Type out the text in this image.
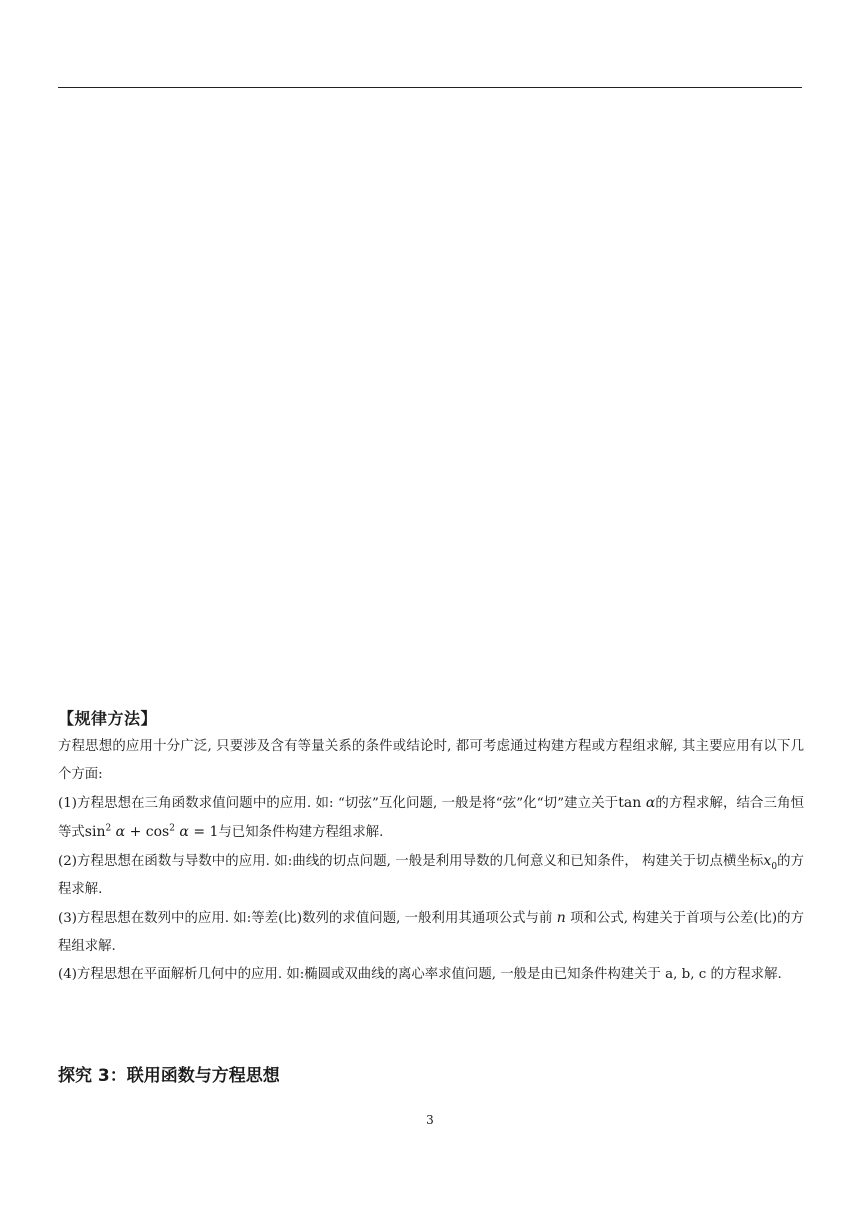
【规律方法】

方程思想的应用十分广泛, 只要涉及含有等量关系的条件或结论时, 都可考虑通过构建方程或方程组求解, 其主要应用有以下几个方面:

(1)方程思想在三角函数求值问题中的应用. 如: “切弦”互化问题, 一般是将“弦”化“切”建立关于tan α的方程求解，结合三角恒等式$\sin^2 \alpha + \cos^2 \alpha = 1$与已知条件构建方程组求解.

(2)方程思想在函数与导数中的应用. 如:曲线的切点问题, 一般是利用导数的几何意义和已知条件， 构建关于切点横坐标$x_0$的方程求解.

(3)方程思想在数列中的应用. 如:等差(比)数列的求值问题, 一般利用其通项公式与前 n 项和公式, 构建关于首项与公差(比)的方程组求解.

(4)方程思想在平面解析几何中的应用. 如:椭圆或双曲线的离心率求值问题, 一般是由已知条件构建关于 a, b, c 的方程求解.

探究 3：联用函数与方程思想

3
